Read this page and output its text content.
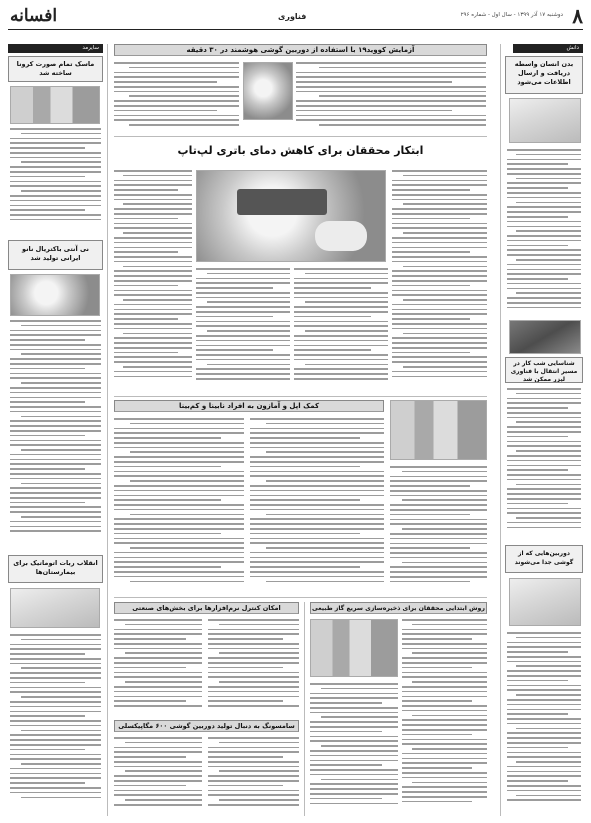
افسانه	فناوری	۸
دوشنبه ۱۷ آذر ۱۳۹۹ - سال اول - شماره ۲۹۶
دانش
سایرمد
بدن انسان واسطه دریافت و ارسال اطلاعات می‌شود
شناسایی شب کار در مسیر انتقال با فناوری لیزر ممکن شد
دوربین‌هایی که از گوشی جدا می‌شوند
ماسک تمام صورت کرونا ساخته شد
نی آنتی باکتریال نانو ایرانی تولید شد
انقلاب ربات‌ اتوماتیک برای بیمارستان‌ها
آزمایش کووید۱۹ با استفاده از دوربین گوشی هوشمند در ۳۰ دقیقه
ابتکار محققان برای کاهش دمای باتری لپ‌تاپ
کمک اپل و آمازون به افراد نابینا و کم‌بینا
امکان کنترل نرم‌افزارها برای بخش‌های صنعتی
سامسونگ به دنبال تولید دوربین گوشی ۶۰۰ مگاپیکسلی
روش ابتدایی محققان برای ذخیره‌سازی سریع گاز طبیعی
